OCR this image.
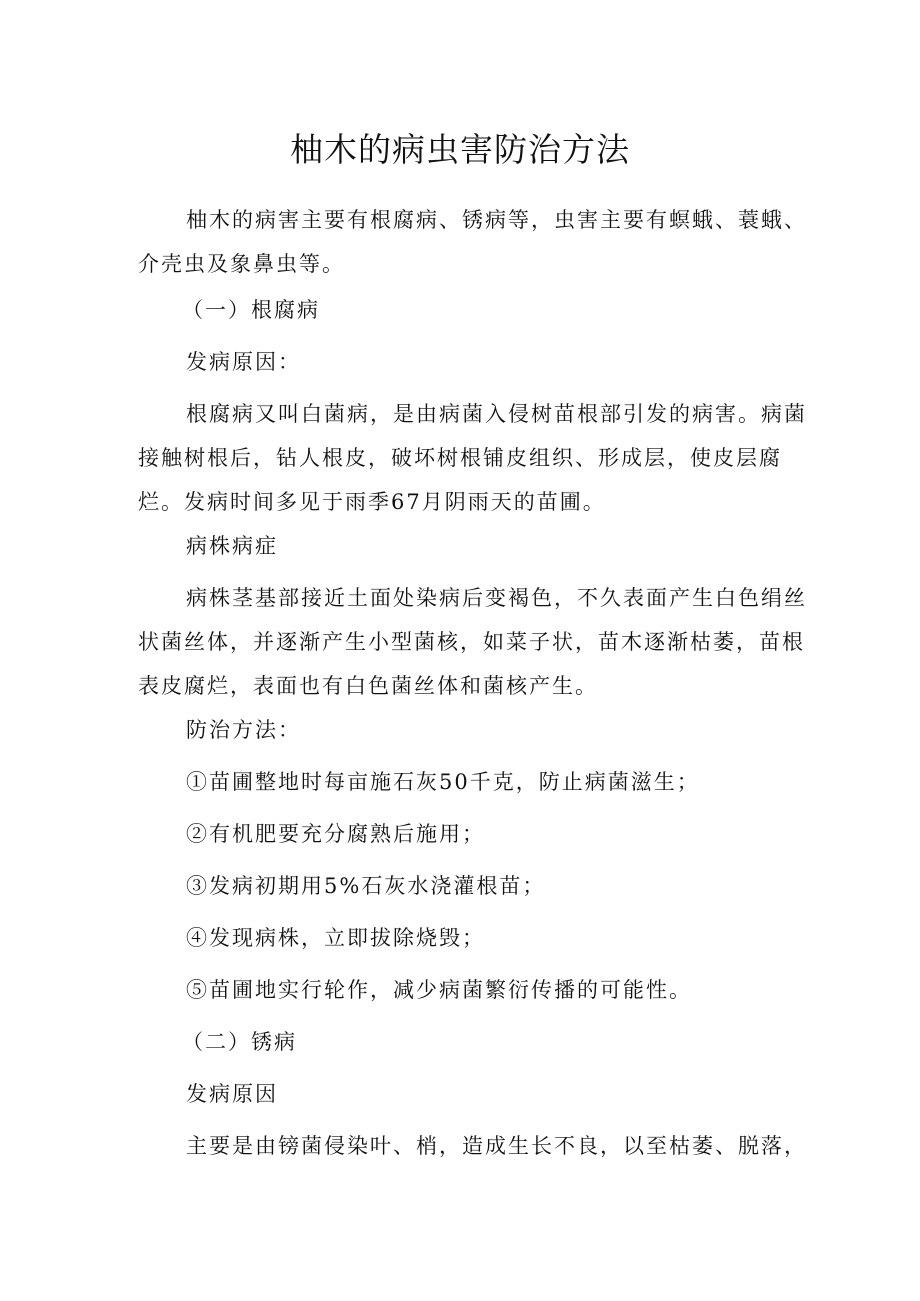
柚木的病虫害防治方法

柚木的病害主要有根腐病、锈病等，虫害主要有螟蛾、蓑蛾、介壳虫及象鼻虫等。

（一）根腐病

发病原因：

根腐病又叫白菌病，是由病菌入侵树苗根部引发的病害。病菌接触树根后，钻人根皮，破坏树根铺皮组织、形成层，使皮层腐烂。发病时间多见于雨季67月阴雨天的苗圃。

病株病症

病株茎基部接近土面处染病后变褐色，不久表面产生白色绢丝状菌丝体，并逐渐产生小型菌核，如菜子状，苗木逐渐枯萎，苗根表皮腐烂，表面也有白色菌丝体和菌核产生。

防治方法：

①苗圃整地时每亩施石灰50千克，防止病菌滋生；

②有机肥要充分腐熟后施用；

③发病初期用5%石灰水浇灌根苗；

④发现病株，立即拔除烧毁；

⑤苗圃地实行轮作，减少病菌繁衍传播的可能性。

（二）锈病

发病原因

主要是由镑菌侵染叶、梢，造成生长不良，以至枯萎、脱落，
